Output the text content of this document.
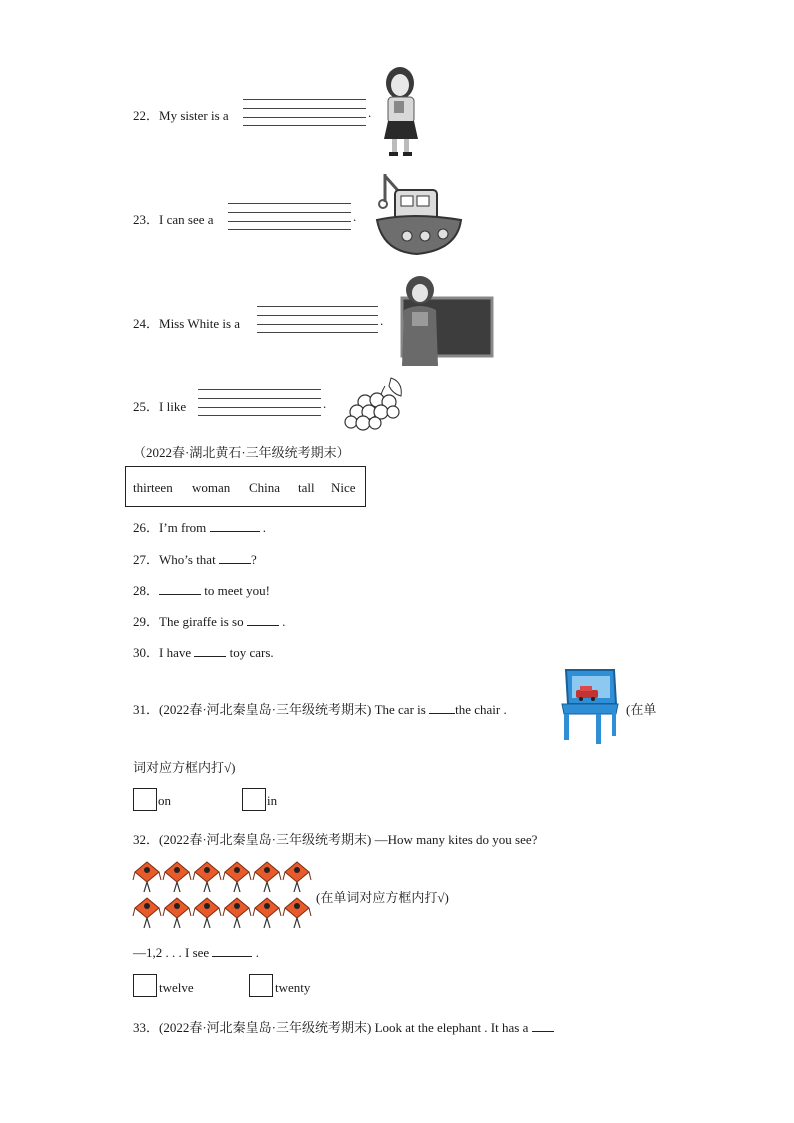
22．My sister is a	.
23．I can see a	.
24．Miss White is a	.
25．I like	.
（2022春·湖北黄石·三年级统考期末）
thirteen woman China tall Nice
26．I’m from	.
27．Who’s that	?
28．	to meet you!
29．The giraffe is so	.
30．I have	toy cars.
31．(2022春·河北秦皇岛·三年级统考期末) The car is the chair .	(在单
词对应方框内打√)
on	in
32．(2022春·河北秦皇岛·三年级统考期末) —How many kites do you see?
(在单词对应方框内打√)
—1,2 . . . I see	.
twelve	twenty
33．(2022春·河北秦皇岛·三年级统考期末) Look at the elephant . It has a
